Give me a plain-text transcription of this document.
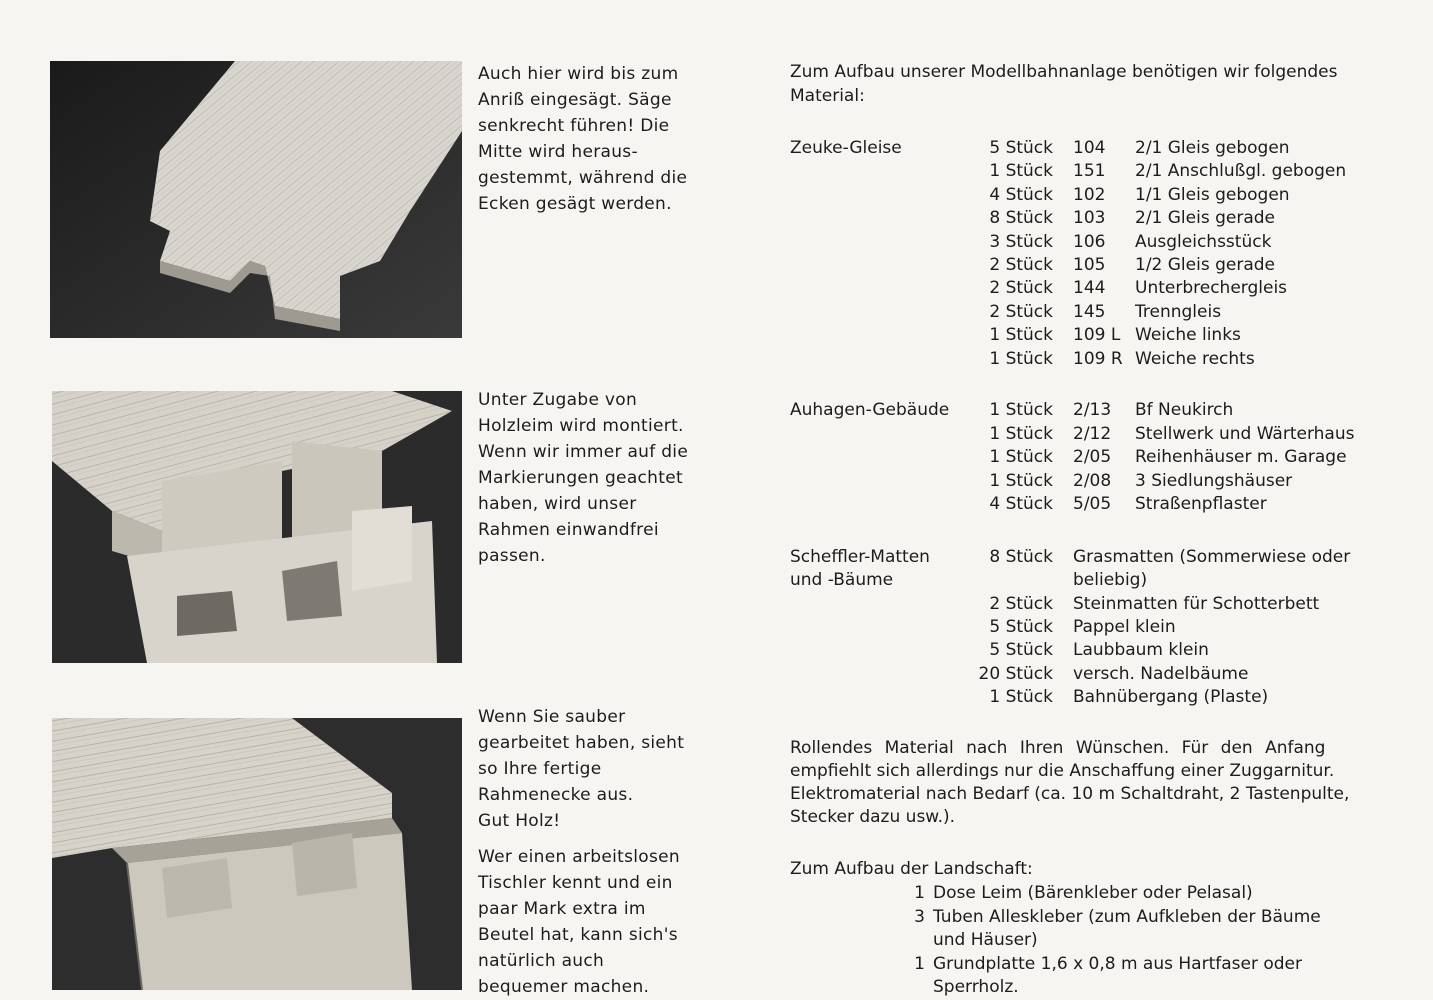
Auch hier wird bis zum

Anriß eingesägt. Säge

senkrecht führen! Die

Mitte wird heraus-

gestemmt, während die

Ecken gesägt werden.

Unter Zugabe von

Holzleim wird montiert.

Wenn wir immer auf die

Markierungen geachtet

haben, wird unser

Rahmen einwandfrei

passen.

Wenn Sie sauber

gearbeitet haben, sieht

so Ihre fertige

Rahmenecke aus.

Gut Holz!

Wer einen arbeitslosen

Tischler kennt und ein

paar Mark extra im

Beutel hat, kann sich's

natürlich auch

bequemer machen.

Zum Aufbau unserer Modellbahnanlage benötigen wir folgendes
Material:
Zeuke-Gleise	5 Stück 104 2/1 Gleis gebogen
1 Stück 151 2/1 Anschlußgl. gebogen
4 Stück 102 1/1 Gleis gebogen
8 Stück 103 2/1 Gleis gerade
3 Stück 106 Ausgleichsstück
2 Stück 105 1/2 Gleis gerade
2 Stück 144 Unterbrechergleis
2 Stück 145 Trenngleis
1 Stück 109 L Weiche links
1 Stück 109 R Weiche rechts
Auhagen-Gebäude	1 Stück 2/13 Bf Neukirch
1 Stück 2/12 Stellwerk und Wärterhaus
1 Stück 2/05 Reihenhäuser m. Garage
1 Stück 2/08 3 Siedlungshäuser
4 Stück 5/05 Straßenpflaster
Scheffler-Matten
und -Bäume
8 Stück Grasmatten (Sommerwiese oder
beliebig)
2 Stück Steinmatten für Schotterbett
5 Stück Pappel klein
5 Stück Laubbaum klein
20 Stück versch. Nadelbäume
1 Stück Bahnübergang (Plaste)
Rollendes Material nach Ihren Wünschen. Für den Anfang
empfiehlt sich allerdings nur die Anschaffung einer Zuggarnitur.
Elektromaterial nach Bedarf (ca. 10 m Schaltdraht, 2 Tastenpulte,
Stecker dazu usw.).
Zum Aufbau der Landschaft:
1 Dose Leim (Bärenkleber oder Pelasal)
3 Tuben Alleskleber (zum Aufkleben der Bäume
und Häuser)
1 Grundplatte 1,6 x 0,8 m aus Hartfaser oder
Sperrholz.
